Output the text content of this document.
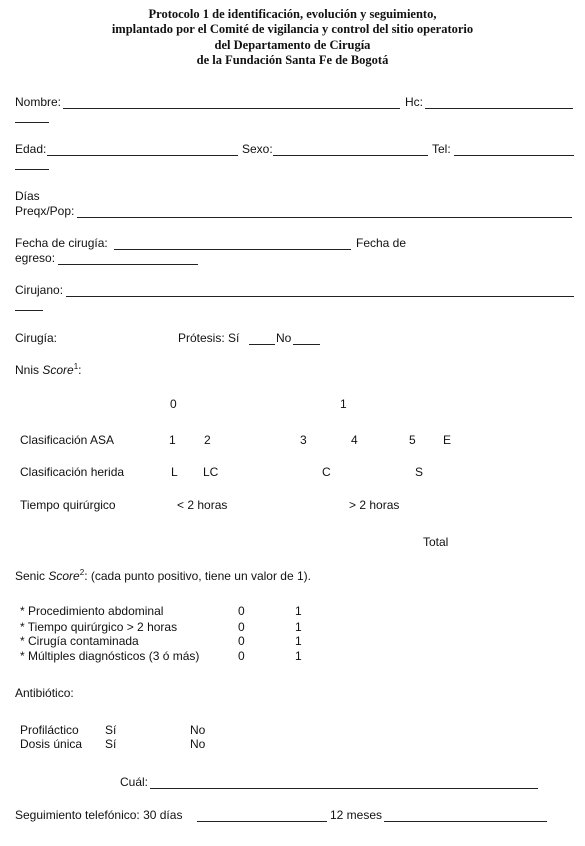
Protocolo 1 de identificación, evolución y seguimiento,
implantado por el Comité de vigilancia y control del sitio operatorio
del Departamento de Cirugía
de la Fundación Santa Fe de Bogotá
Nombre:	Hc:
Edad:	Sexo:	Tel:
Días
Preqx/Pop:
Fecha de cirugía:	Fecha de
egreso:
Cirujano:
Cirugía:	Prótesis: Sí	No
Nnis Score$^1$:
0	1
Clasificación ASA	1 2	3	4	5 E
Clasificación herida	L LC	C	S
Tiempo quirúrgico	< 2 horas	> 2 horas
Total
Senic Score$^2$: (cada punto positivo, tiene un valor de 1).
* Procedimiento abdominal	0	1
* Tiempo quirúrgico > 2 horas	0	1
* Cirugía contaminada	0	1
* Múltiples diagnósticos (3 ó más)	0	1
Antibiótico:
Profiláctico Sí	No
Dosis única Sí	No
Cuál:
Seguimiento telefónico: 30 días	12 meses
